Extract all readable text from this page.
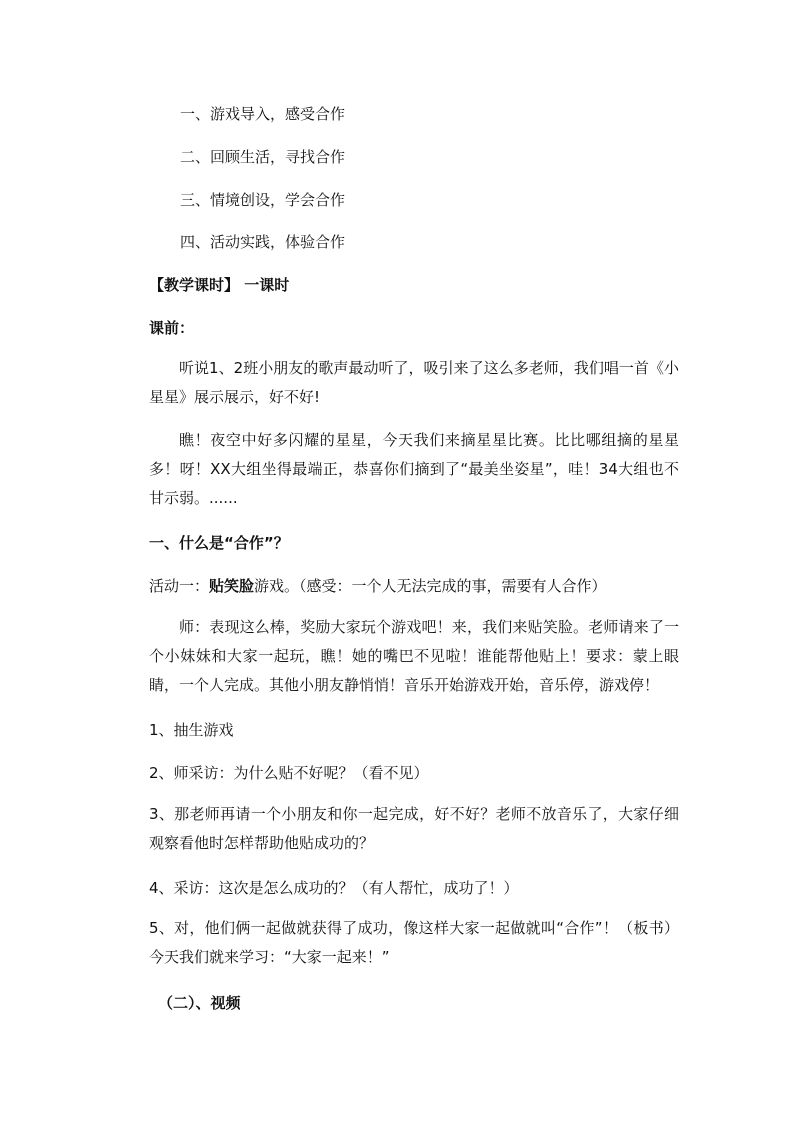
一、游戏导入，感受合作
二、回顾生活，寻找合作
三、情境创设，学会合作
四、活动实践，体验合作
【教学课时】 一课时
课前：
听说1、2班小朋友的歌声最动听了，吸引来了这么多老师，我们唱一首《小星星》展示展示，好不好!
瞧！夜空中好多闪耀的星星，今天我们来摘星星比赛。比比哪组摘的星星多！呀！XX大组坐得最端正，恭喜你们摘到了“最美坐姿星”，哇！34大组也不甘示弱。......
一、什么是“合作”？
活动一：贴笑脸游戏。（感受：一个人无法完成的事，需要有人合作）
师：表现这么棒，奖励大家玩个游戏吧！来，我们来贴笑脸。老师请来了一个小妹妹和大家一起玩，瞧！她的嘴巴不见啦！谁能帮他贴上！要求：蒙上眼睛，一个人完成。其他小朋友静悄悄！音乐开始游戏开始，音乐停，游戏停！
1、抽生游戏
2、师采访：为什么贴不好呢？（看不见）
3、那老师再请一个小朋友和你一起完成，好不好？老师不放音乐了，大家仔细观察看他时怎样帮助他贴成功的？
4、采访：这次是怎么成功的？（有人帮忙，成功了！）
5、对，他们俩一起做就获得了成功，像这样大家一起做就叫“合作”！（板书）今天我们就来学习：“大家一起来！”
（二）、视频
